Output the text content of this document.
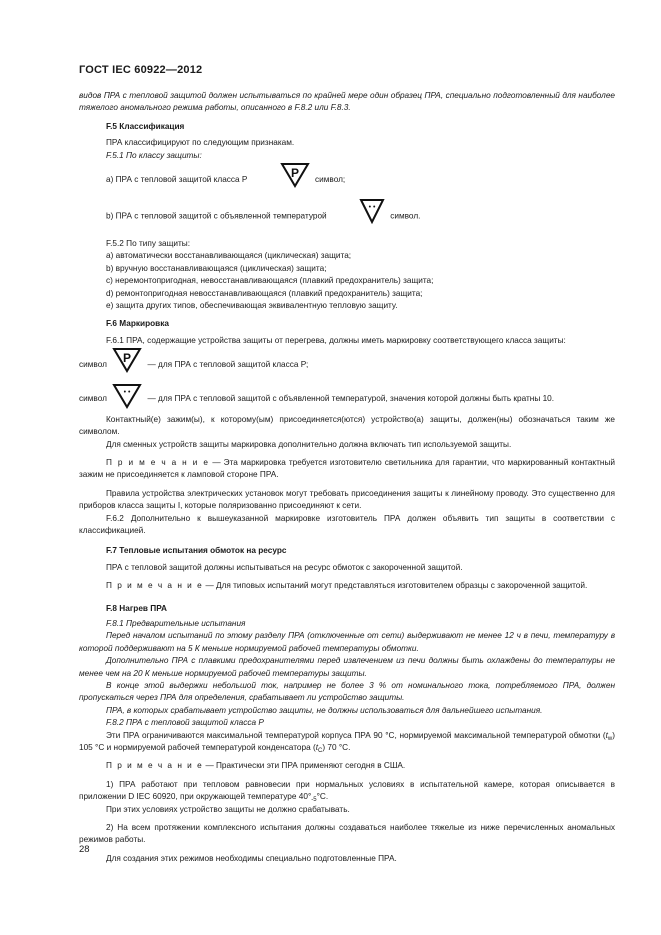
ГОСТ IEC 60922—2012

видов ПРА с тепловой защитой должен испытываться по крайней мере один образец ПРА, специально подготовленный для наиболее тяжелого аномального режима работы, описанного в F.8.2 или F.8.3.

F.5 Классификация

ПРА классифицируют по следующим признакам.

F.5.1 По классу защиты:

а) ПРА с тепловой защитой класса Р	P символ;

b) ПРА с тепловой защитой с объявленной температурой
• •
символ.

F.5.2 По типу защиты:

а) автоматически восстанавливающаяся (циклическая) защита;

b) вручную восстанавливающаяся (циклическая) защита;

с) неремонтопригодная, невосстанавливающаяся (плавкий предохранитель) защита;

d) ремонтопригодная невосстанавливающаяся (плавкий предохранитель) защита;

е) защита других типов, обеспечивающая эквивалентную тепловую защиту.

F.6 Маркировка

F.6.1 ПРА, содержащие устройства защиты от перегрева, должны иметь маркировку соответствующего класса защиты:

символ P — для ПРА с тепловой защитой класса Р;

символ
• •
— для ПРА с тепловой защитой с объявленной температурой, значения которой должны быть кратны 10.

Контактный(е) зажим(ы), к которому(ым) присоединяется(ются) устройство(а) защиты, должен(ны) обозначаться таким же символом.

Для сменных устройств защиты маркировка дополнительно должна включать тип используемой защиты.

П р и м е ч а н и е — Эта маркировка требуется изготовителю светильника для гарантии, что маркированный контактный зажим не присоединяется к ламповой стороне ПРА.

Правила устройства электрических установок могут требовать присоединения защиты к линейному проводу. Это существенно для приборов класса защиты I, которые поляризованно присоединяют к сети.

F.6.2 Дополнительно к вышеуказанной маркировке изготовитель ПРА должен объявить тип защиты в соответствии с классификацией.

F.7 Тепловые испытания обмоток на ресурс

ПРА с тепловой защитой должны испытываться на ресурс обмоток с закороченной защитой.

П р и м е ч а н и е — Для типовых испытаний могут представляться изготовителем образцы с закороченной защитой.

F.8 Нагрев ПРА

F.8.1 Предварительные испытания

Перед началом испытаний по этому разделу ПРА (отключенные от сети) выдерживают не менее 12 ч в печи, температуру в которой поддерживают на 5 К меньше нормируемой рабочей температуры обмотки.

Дополнительно ПРА с плавкими предохранителями перед извлечением из печи должны быть охлаждены до температуры не менее чем на 20 К меньше нормируемой рабочей температуры защиты.

В конце этой выдержки небольшой ток, например не более 3 % от номинального тока, потребляемого ПРА, должен пропускаться через ПРА для определения, срабатывает ли устройство защиты.

ПРА, в которых срабатывает устройство защиты, не должны использоваться для дальнейшего испытания.

F.8.2 ПРА с тепловой защитой класса Р

Эти ПРА ограничиваются максимальной температурой корпуса ПРА 90 °С, нормируемой максимальной температурой обмотки $(t_w)$ 105 °С и нормируемой рабочей температурой конденсатора $(t_C)$ 70 °С.

П р и м е ч а н и е — Практически эти ПРА применяют сегодня в США.

1) ПРА работают при тепловом равновесии при нормальных условиях в испытательной камере, которая описывается в приложении D IEC 60920, при окружающей температуре $40^\circ_{-5}^\circ С$.

При этих условиях устройство защиты не должно срабатывать.

2) На всем протяжении комплексного испытания должны создаваться наиболее тяжелые из ниже перечисленных аномальных режимов работы.

Для создания этих режимов необходимы специально подготовленные ПРА.

28
